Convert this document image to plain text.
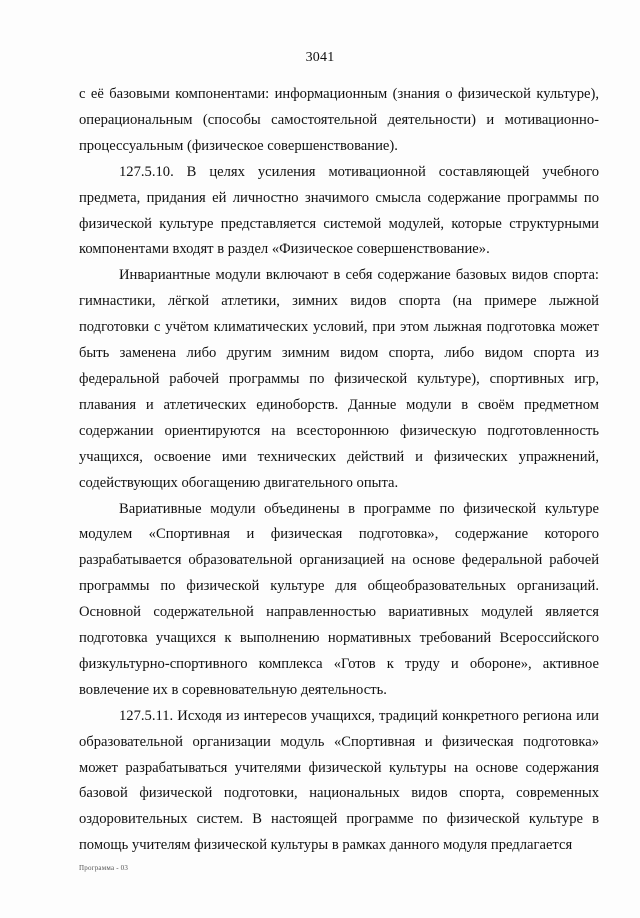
3041

с её базовыми компонентами: информационным (знания о физической культуре), операциональным (способы самостоятельной деятельности) и мотивационно-процессуальным (физическое совершенствование).

127.5.10. В целях усиления мотивационной составляющей учебного предмета, придания ей личностно значимого смысла содержание программы по физической культуре представляется системой модулей, которые структурными компонентами входят в раздел «Физическое совершенствование».

Инвариантные модули включают в себя содержание базовых видов спорта: гимнастики, лёгкой атлетики, зимних видов спорта (на примере лыжной подготовки с учётом климатических условий, при этом лыжная подготовка может быть заменена либо другим зимним видом спорта, либо видом спорта из федеральной рабочей программы по физической культуре), спортивных игр, плавания и атлетических единоборств. Данные модули в своём предметном содержании ориентируются на всестороннюю физическую подготовленность учащихся, освоение ими технических действий и физических упражнений, содействующих обогащению двигательного опыта.

Вариативные модули объединены в программе по физической культуре модулем «Спортивная и физическая подготовка», содержание которого разрабатывается образовательной организацией на основе федеральной рабочей программы по физической культуре для общеобразовательных организаций. Основной содержательной направленностью вариативных модулей является подготовка учащихся к выполнению нормативных требований Всероссийского физкультурно-спортивного комплекса «Готов к труду и обороне», активное вовлечение их в соревновательную деятельность.

127.5.11. Исходя из интересов учащихся, традиций конкретного региона или образовательной организации модуль «Спортивная и физическая подготовка» может разрабатываться учителями физической культуры на основе содержания базовой физической подготовки, национальных видов спорта, современных оздоровительных систем. В настоящей программе по физической культуре в помощь учителям физической культуры в рамках данного модуля предлагается

Программа - 03
